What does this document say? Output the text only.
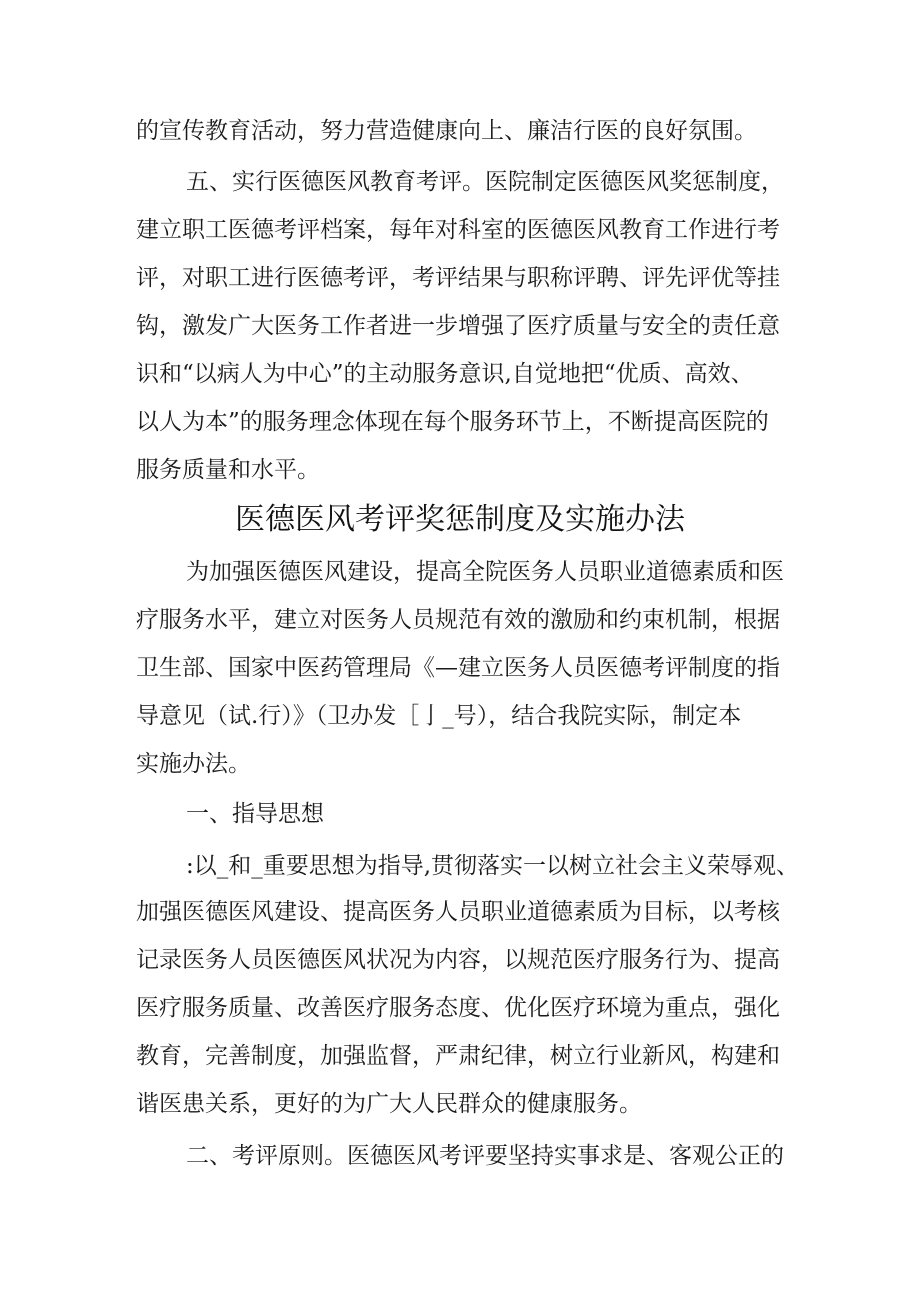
的宣传教育活动，努力营造健康向上、廉洁行医的良好氛围。
五、实行医德医风教育考评。医院制定医德医风奖惩制度，
建立职工医德考评档案，每年对科室的医德医风教育工作进行考
评，对职工进行医德考评，考评结果与职称评聘、评先评优等挂
钩，激发广大医务工作者进一步增强了医疗质量与安全的责任意
识和“以病人为中心”的主动服务意识,自觉地把“优质、高效、
以人为本”的服务理念体现在每个服务环节上，不断提高医院的
服务质量和水平。
医德医风考评奖惩制度及实施办法
为加强医德医风建设，提高全院医务人员职业道德素质和医
疗服务水平，建立对医务人员规范有效的激励和约束机制，根据
卫生部、国家中医药管理局《—建立医务人员医德考评制度的指
导意见（试.行）》（卫办发［亅_号），结合我院实际，制定本
实施办法。
一、指导思想
:以_和_重要思想为指导,贯彻落实一以树立社会主义荣辱观、
加强医德医风建设、提高医务人员职业道德素质为目标，以考核
记录医务人员医德医风状况为内容，以规范医疗服务行为、提高
医疗服务质量、改善医疗服务态度、优化医疗环境为重点，强化
教育，完善制度，加强监督，严肃纪律，树立行业新风，构建和
谐医患关系，更好的为广大人民群众的健康服务。
二、考评原则。医德医风考评要坚持实事求是、客观公正的
